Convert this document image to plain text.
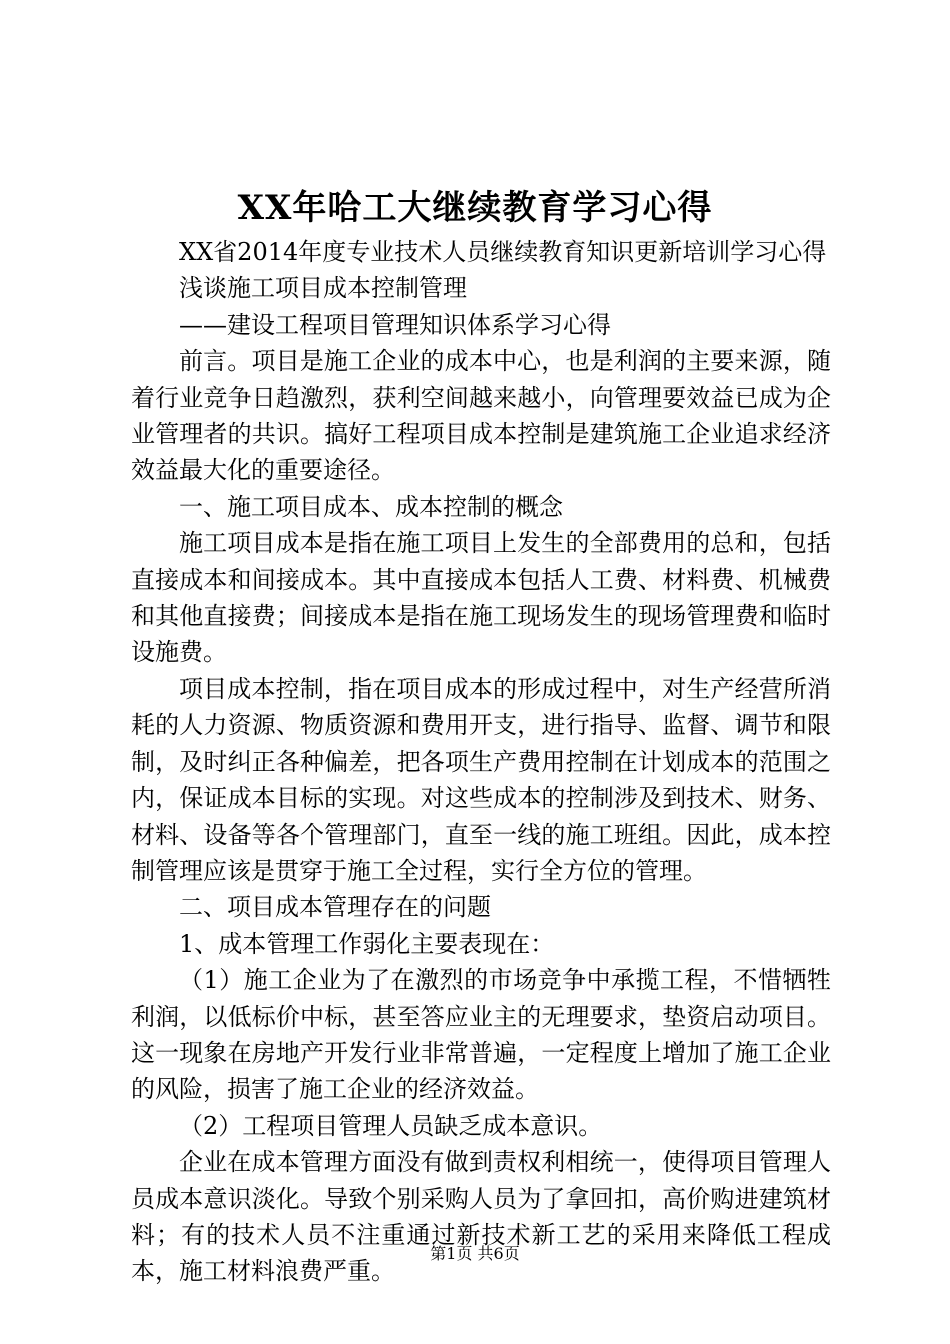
XX年哈工大继续教育学习心得

XX省2014年度专业技术人员继续教育知识更新培训学习心得

浅谈施工项目成本控制管理

——建设工程项目管理知识体系学习心得

前言。项目是施工企业的成本中心，也是利润的主要来源，随着行业竞争日趋激烈，获利空间越来越小，向管理要效益已成为企业管理者的共识。搞好工程项目成本控制是建筑施工企业追求经济效益最大化的重要途径。

一、施工项目成本、成本控制的概念

施工项目成本是指在施工项目上发生的全部费用的总和，包括直接成本和间接成本。其中直接成本包括人工费、材料费、机械费和其他直接费；间接成本是指在施工现场发生的现场管理费和临时设施费。

项目成本控制，指在项目成本的形成过程中，对生产经营所消耗的人力资源、物质资源和费用开支，进行指导、监督、调节和限制，及时纠正各种偏差，把各项生产费用控制在计划成本的范围之内，保证成本目标的实现。对这些成本的控制涉及到技术、财务、材料、设备等各个管理部门，直至一线的施工班组。因此，成本控制管理应该是贯穿于施工全过程，实行全方位的管理。

二、项目成本管理存在的问题

1、成本管理工作弱化主要表现在：

（1）施工企业为了在激烈的市场竞争中承揽工程，不惜牺牲利润，以低标价中标，甚至答应业主的无理要求，垫资启动项目。这一现象在房地产开发行业非常普遍，一定程度上增加了施工企业的风险，损害了施工企业的经济效益。

（2）工程项目管理人员缺乏成本意识。

企业在成本管理方面没有做到责权利相统一，使得项目管理人员成本意识淡化。导致个别采购人员为了拿回扣，高价购进建筑材料；有的技术人员不注重通过新技术新工艺的采用来降低工程成本，施工材料浪费严重。

第1页 共6页
